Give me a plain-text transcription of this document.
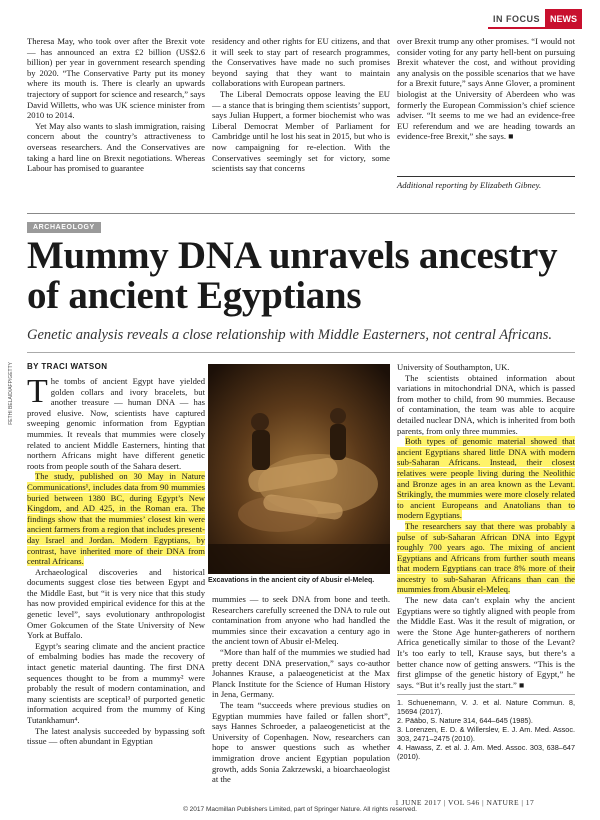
IN FOCUS	NEWS

Theresa May, who took over after the Brexit vote — has announced an extra £2 billion (US$2.6 billion) per year in government research spending by 2020. “The Conservative Party put its money where its mouth is. There is clearly an upwards trajectory of support for science and research,” says David Willetts, who was UK science minister from 2010 to 2014.

Yet May also wants to slash immigration, raising concern about the country’s attractiveness to overseas researchers. And the Conservatives are taking a hard line on Brexit negotiations. Whereas Labour has promised to guarantee

residency and other rights for EU citizens, and that it will seek to stay part of research programmes, the Conservatives have made no such promises beyond saying that they want to maintain collaborations with European partners.

The Liberal Democrats oppose leaving the EU — a stance that is bringing them scientists’ support, says Julian Huppert, a former biochemist who was Liberal Democrat Member of Parliament for Cambridge until he lost his seat in 2015, but who is now campaigning for re-election. With the Conservatives seemingly set for victory, some scientists say that concerns

over Brexit trump any other promises. “I would not consider voting for any party hell-bent on pursuing Brexit whatever the cost, and without providing any analysis on the possible scenarios that we have for a Brexit future,” says Anne Glover, a prominent biologist at the University of Aberdeen who was formerly the European Commission’s chief science adviser. “It seems to me we had an evidence-free EU referendum and we are heading towards an evidence-free Brexit,” she says. ■

Additional reporting by Elizabeth Gibney.
ARCHAEOLOGY
Mummy DNA unravels ancestry of ancient Egyptians
Genetic analysis reveals a close relationship with Middle Easterners, not central Africans.
FETHI BELAID/AFP/GETTY BY TRACI WATSON

The tombs of ancient Egypt have yielded golden collars and ivory bracelets, but another treasure — human DNA — has proved elusive. Now, scientists have captured sweeping genomic information from Egyptian mummies. It reveals that mummies were closely related to ancient Middle Easterners, hinting that northern Africans might have different genetic roots from people south of the Sahara desert.

The study, published on 30 May in Nature Communications¹, includes data from 90 mummies buried between 1380 BC, during Egypt’s New Kingdom, and AD 425, in the Roman era. The findings show that the mummies’ closest kin were ancient farmers from a region that includes present-day Israel and Jordan. Modern Egyptians, by contrast, have inherited more of their DNA from central Africans.

Archaeological discoveries and historical documents suggest close ties between Egypt and the Middle East, but “it is very nice that this study has now provided empirical evidence for this at the genetic level”, says evolutionary anthropologist Omer Gokcumen of the State University of New York at Buffalo.

Egypt’s searing climate and the ancient practice of embalming bodies has made the recovery of intact genetic material daunting. The first DNA sequences thought to be from a mummy² were probably the result of modern contamination, and many scientists are sceptical³ of purported genetic information acquired from the mummy of King Tutankhamun⁴.

The latest analysis succeeded by bypassing soft tissue — often abundant in Egyptian

Excavations in the ancient city of Abusir el-Meleq.

mummies — to seek DNA from bone and teeth. Researchers carefully screened the DNA to rule out contamination from anyone who had handled the mummies since their excavation a century ago in the ancient town of Abusir el-Meleq.

“More than half of the mummies we studied had pretty decent DNA preservation,” says co-author Johannes Krause, a palaeogeneticist at the Max Planck Institute for the Science of Human History in Jena, Germany.

The team “succeeds where previous studies on Egyptian mummies have failed or fallen short”, says Hannes Schroeder, a palaeogeneticist at the University of Copenhagen. Now, researchers can hope to answer questions such as whether immigration drove ancient Egyptian population growth, adds Sonia Zakrzewski, a bioarchaeologist at the

University of Southampton, UK.

The scientists obtained information about variations in mitochondrial DNA, which is passed from mother to child, from 90 mummies. Because of contamination, the team was able to acquire detailed nuclear DNA, which is inherited from both parents, from only three mummies.

Both types of genomic material showed that ancient Egyptians shared little DNA with modern sub-Saharan Africans. Instead, their closest relatives were people living during the Neolithic and Bronze ages in an area known as the Levant. Strikingly, the mummies were more closely related to ancient Europeans and Anatolians than to modern Egyptians.

The researchers say that there was probably a pulse of sub-Saharan African DNA into Egypt roughly 700 years ago. The mixing of ancient Egyptians and Africans from further south means that modern Egyptians can trace 8% more of their ancestry to sub-Saharan Africans than can the mummies from Abusir el-Meleq.

The new data can’t explain why the ancient Egyptians were so tightly aligned with people from the Middle East. Was it the result of migration, or were the Stone Age hunter-gatherers of northern Africa genetically similar to those of the Levant? It’s too early to tell, Krause says, but there’s a better chance now of getting answers. “This is the first glimpse of the genetic history of Egypt,” he says. “But it’s really just the start.” ■

1. Schuenemann, V. J. et al. Nature Commun. 8, 15694 (2017).
2. Pääbo, S. Nature 314, 644–645 (1985).
3. Lorenzen, E. D. & Willerslev, E. J. Am. Med. Assoc. 303, 2471–2475 (2010).
4. Hawass, Z. et al. J. Am. Med. Assoc. 303, 638–647 (2010).
1 JUNE 2017 | VOL 546 | NATURE | 17
© 2017 Macmillan Publishers Limited, part of Springer Nature. All rights reserved.
